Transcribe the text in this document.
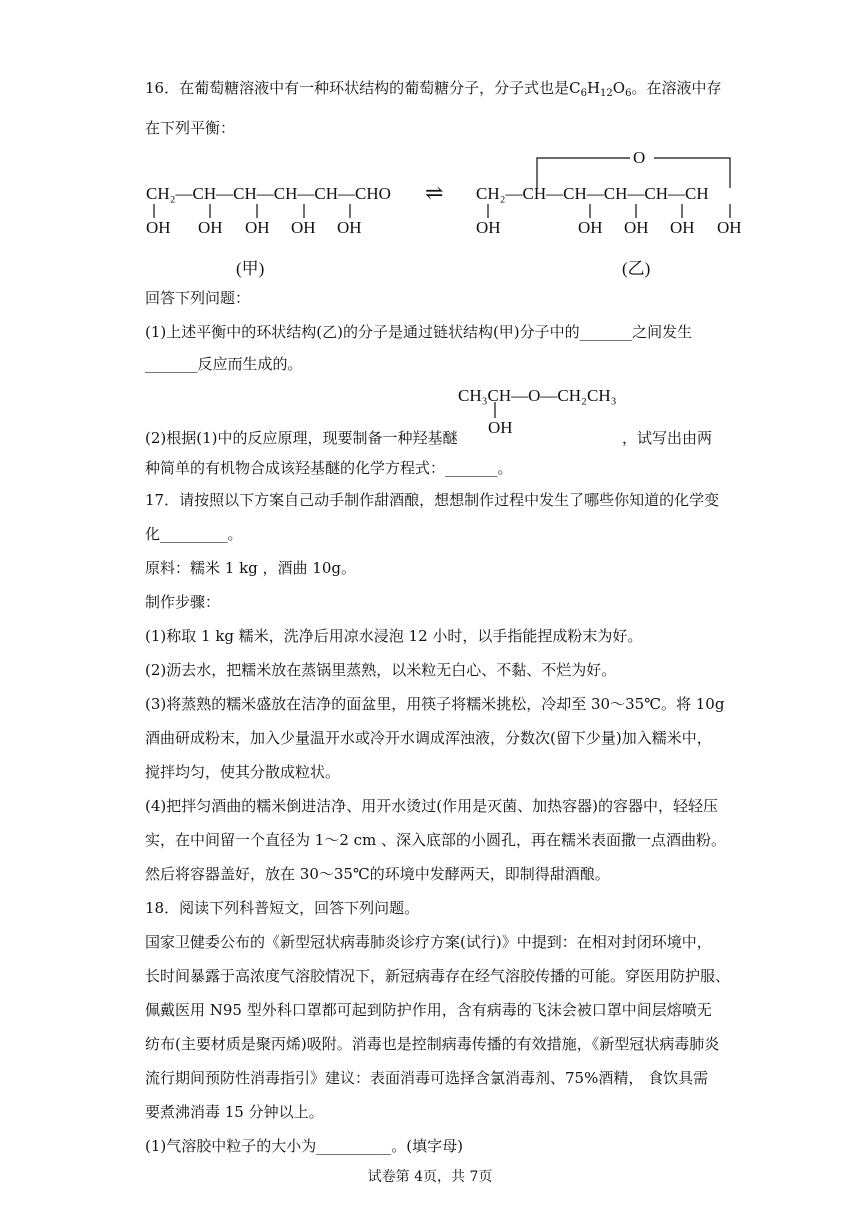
16．在葡萄糖溶液中有一种环状结构的葡萄糖分子，分子式也是$C_6H_{12}O_6$。在溶液中存
在下列平衡：
CH₂—CH—CH—CH—CH—CHO
OH OH OH OH OH
⇌
O
CH₂—CH—CH—CH—CH—CH
OH	OH OH OH OH
(甲)	(乙)
回答下列问题：
(1)上述平衡中的环状结构(乙)的分子是通过链状结构(甲)分子中的_______之间发生
_______反应而生成的。
CH₃CH—O—CH₂CH₃
OH
(2)根据(1)中的反应原理，现要制备一种羟基醚	，试写出由两
种简单的有机物合成该羟基醚的化学方程式：_______。
17．请按照以下方案自己动手制作甜酒酿，想想制作过程中发生了哪些你知道的化学变
化_________。
原料：糯米 1 kg ，酒曲 10g。
制作步骤：
(1)称取 1 kg 糯米，洗净后用凉水浸泡 12 小时，以手指能捏成粉末为好。
(2)沥去水，把糯米放在蒸锅里蒸熟，以米粒无白心、不黏、不烂为好。
(3)将蒸熟的糯米盛放在洁净的面盆里，用筷子将糯米挑松，冷却至 30～35℃。将 10g
酒曲研成粉末，加入少量温开水或冷开水调成浑浊液，分数次(留下少量)加入糯米中，
搅拌均匀，使其分散成粒状。
(4)把拌匀酒曲的糯米倒进洁净、用开水烫过(作用是灭菌、加热容器)的容器中，轻轻压
实，在中间留一个直径为 1～2 cm 、深入底部的小圆孔，再在糯米表面撒一点酒曲粉。
然后将容器盖好，放在 30～35℃的环境中发酵两天，即制得甜酒酿。
18．阅读下列科普短文，回答下列问题。
国家卫健委公布的《新型冠状病毒肺炎诊疗方案(试行)》中提到：在相对封闭环境中，
长时间暴露于高浓度气溶胶情况下，新冠病毒存在经气溶胶传播的可能。穿医用防护服、
佩戴医用 N95 型外科口罩都可起到防护作用，含有病毒的飞沫会被口罩中间层熔喷无
纺布(主要材质是聚丙烯)吸附。消毒也是控制病毒传播的有效措施，《新型冠状病毒肺炎
流行期间预防性消毒指引》建议：表面消毒可选择含氯消毒剂、75%酒精， 食饮具需
要煮沸消毒 15 分钟以上。
(1)气溶胶中粒子的大小为__________。(填字母)
试卷第 4页，共 7页
